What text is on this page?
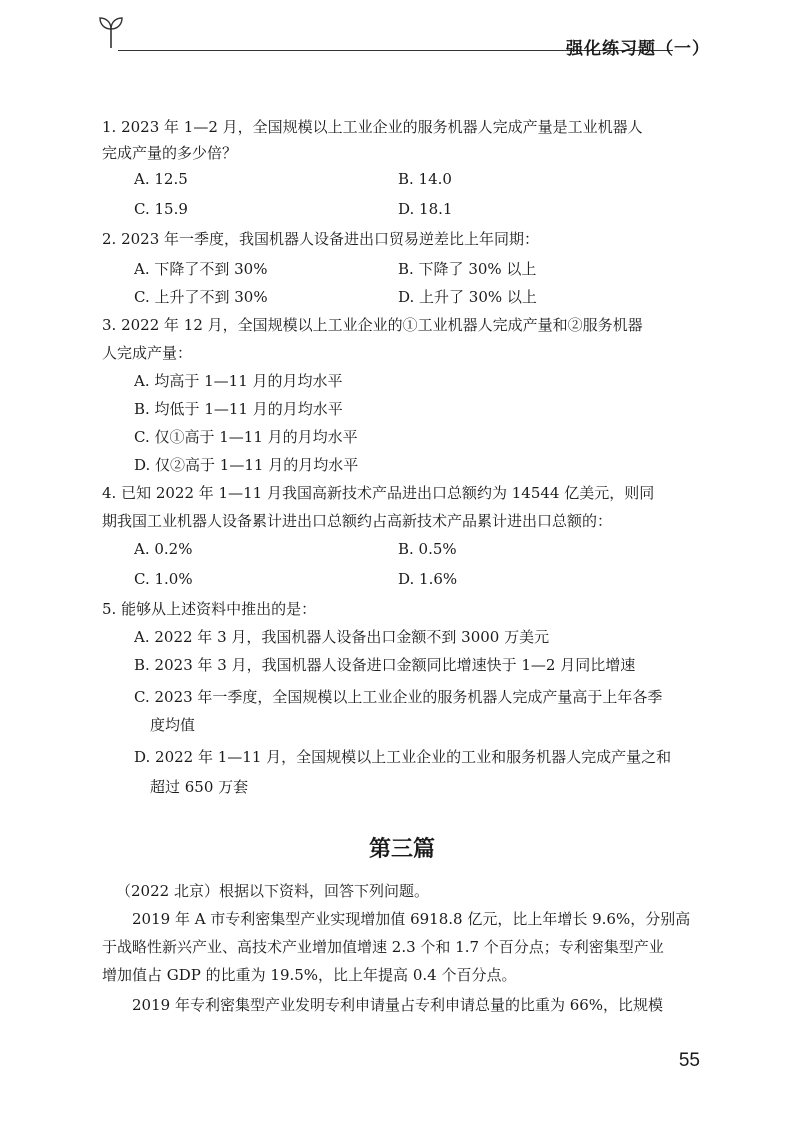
强化练习题（一）
1. 2023 年 1—2 月，全国规模以上工业企业的服务机器人完成产量是工业机器人
完成产量的多少倍？
A. 12.5	B. 14.0
C. 15.9	D. 18.1
2. 2023 年一季度，我国机器人设备进出口贸易逆差比上年同期：
A. 下降了不到 30%	B. 下降了 30% 以上
C. 上升了不到 30%	D. 上升了 30% 以上
3. 2022 年 12 月，全国规模以上工业企业的①工业机器人完成产量和②服务机器
人完成产量：
A. 均高于 1—11 月的月均水平
B. 均低于 1—11 月的月均水平
C. 仅①高于 1—11 月的月均水平
D. 仅②高于 1—11 月的月均水平
4. 已知 2022 年 1—11 月我国高新技术产品进出口总额约为 14544 亿美元，则同
期我国工业机器人设备累计进出口总额约占高新技术产品累计进出口总额的：
A. 0.2%	B. 0.5%
C. 1.0%	D. 1.6%
5. 能够从上述资料中推出的是：
A. 2022 年 3 月，我国机器人设备出口金额不到 3000 万美元
B. 2023 年 3 月，我国机器人设备进口金额同比增速快于 1—2 月同比增速
C. 2023 年一季度，全国规模以上工业企业的服务机器人完成产量高于上年各季
度均值
D. 2022 年 1—11 月，全国规模以上工业企业的工业和服务机器人完成产量之和
超过 650 万套
第三篇
（2022 北京）根据以下资料，回答下列问题。
2019 年 A 市专利密集型产业实现增加值 6918.8 亿元，比上年增长 9.6%，分别高
于战略性新兴产业、高技术产业增加值增速 2.3 个和 1.7 个百分点；专利密集型产业
增加值占 GDP 的比重为 19.5%，比上年提高 0.4 个百分点。
2019 年专利密集型产业发明专利申请量占专利申请总量的比重为 66%，比规模
55
